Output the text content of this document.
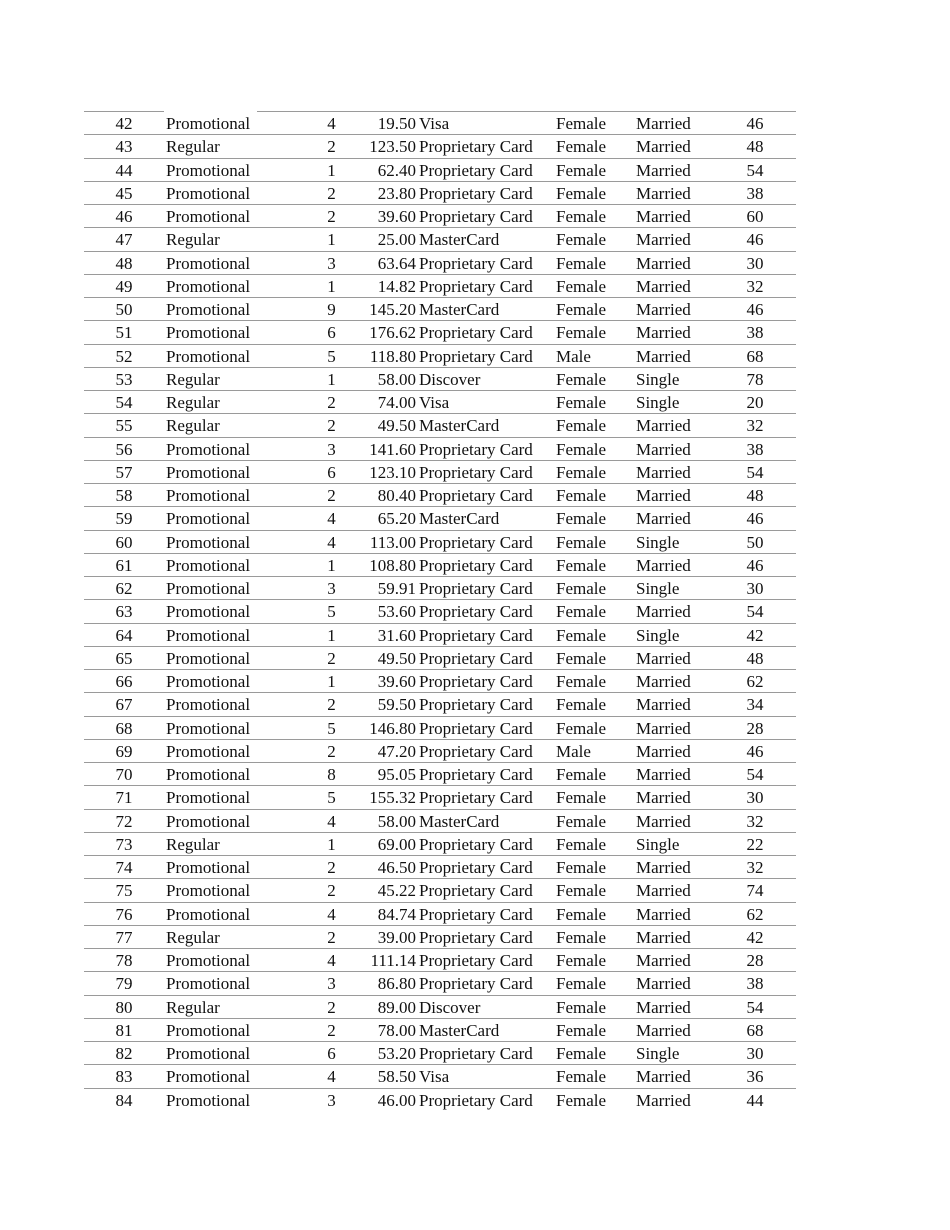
42	Promotional	4	19.50 Visa	Female	Married	46
43	Regular	2	123.50 Proprietary Card	Female	Married	48
44	Promotional	1	62.40 Proprietary Card	Female	Married	54
45	Promotional	2	23.80 Proprietary Card	Female	Married	38
46	Promotional	2	39.60 Proprietary Card	Female	Married	60
47	Regular	1	25.00 MasterCard	Female	Married	46
48	Promotional	3	63.64 Proprietary Card	Female	Married	30
49	Promotional	1	14.82 Proprietary Card	Female	Married	32
50	Promotional	9	145.20 MasterCard	Female	Married	46
51	Promotional	6	176.62 Proprietary Card	Female	Married	38
52	Promotional	5	118.80 Proprietary Card	Male	Married	68
53	Regular	1	58.00 Discover	Female	Single	78
54	Regular	2	74.00 Visa	Female	Single	20
55	Regular	2	49.50 MasterCard	Female	Married	32
56	Promotional	3	141.60 Proprietary Card	Female	Married	38
57	Promotional	6	123.10 Proprietary Card	Female	Married	54
58	Promotional	2	80.40 Proprietary Card	Female	Married	48
59	Promotional	4	65.20 MasterCard	Female	Married	46
60	Promotional	4	113.00 Proprietary Card	Female	Single	50
61	Promotional	1	108.80 Proprietary Card	Female	Married	46
62	Promotional	3	59.91 Proprietary Card	Female	Single	30
63	Promotional	5	53.60 Proprietary Card	Female	Married	54
64	Promotional	1	31.60 Proprietary Card	Female	Single	42
65	Promotional	2	49.50 Proprietary Card	Female	Married	48
66	Promotional	1	39.60 Proprietary Card	Female	Married	62
67	Promotional	2	59.50 Proprietary Card	Female	Married	34
68	Promotional	5	146.80 Proprietary Card	Female	Married	28
69	Promotional	2	47.20 Proprietary Card	Male	Married	46
70	Promotional	8	95.05 Proprietary Card	Female	Married	54
71	Promotional	5	155.32 Proprietary Card	Female	Married	30
72	Promotional	4	58.00 MasterCard	Female	Married	32
73	Regular	1	69.00 Proprietary Card	Female	Single	22
74	Promotional	2	46.50 Proprietary Card	Female	Married	32
75	Promotional	2	45.22 Proprietary Card	Female	Married	74
76	Promotional	4	84.74 Proprietary Card	Female	Married	62
77	Regular	2	39.00 Proprietary Card	Female	Married	42
78	Promotional	4	111.14 Proprietary Card	Female	Married	28
79	Promotional	3	86.80 Proprietary Card	Female	Married	38
80	Regular	2	89.00 Discover	Female	Married	54
81	Promotional	2	78.00 MasterCard	Female	Married	68
82	Promotional	6	53.20 Proprietary Card	Female	Single	30
83	Promotional	4	58.50 Visa	Female	Married	36
84	Promotional	3	46.00 Proprietary Card	Female	Married	44
